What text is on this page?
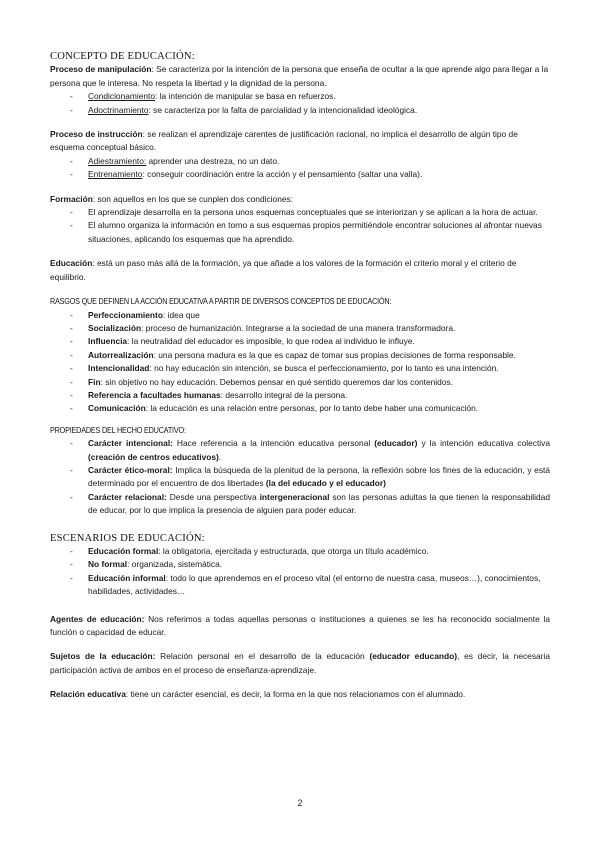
CONCEPTO DE EDUCACIÓN:

Proceso de manipulación: Se caracteriza por la intención de la persona que enseña de ocultar a la que aprende algo para llegar a la persona que le interesa. No respeta la libertad y la dignidad de la persona.

- Condicionamiento: la intención de manipular se basa en refuerzos.
- Adoctrinamiento: se caracteriza por la falta de parcialidad y la intencionalidad ideológica.

Proceso de instrucción: se realizan el aprendizaje carentes de justificación racional, no implica el desarrollo de algún tipo de esquema conceptual básico.

- Adiestramiento: aprender una destreza, no un dato.
- Entrenamiento: conseguir coordinación entre la acción y el pensamiento (saltar una valla).

Formación: son aquellos en los que se cunplen dos condiciones:

- El aprendizaje desarrolla en la persona unos esquemas conceptuales que se interiorizan y se aplican a la hora de actuar.
- El alumno organiza la información en torno a sus esquemas propios permitiéndole encontrar soluciones al afrontar nuevas situaciones, aplicando los esquemas que ha aprendido.

Educación: está un paso más allá de la formación, ya que añade a los valores de la formación el criterio moral y el criterio de equilibrio.

RASGOS QUE DEFINEN LA ACCIÓN EDUCATIVA A PARTIR DE DIVERSOS CONCEPTOS DE EDUCACIÓN:
- Perfeccionamiento: idea que
- Socialización: proceso de humanización. Integrarse a la sociedad de una manera transformadora.
- Influencia: la neutralidad del educador es imposible, lo que rodea al individuo le influye.
- Autorrealización: una persona madura es la que es capaz de tomar sus propias decisiones de forma responsable.
- Intencionalidad: no hay educación sin intención, se busca el perfeccionamiento, por lo tanto es una intención.
- Fin: sin objetivo no hay educación. Debemos pensar en qué sentido queremos dar los contenidos.
- Referencia a facultades humanas: desarrollo integral de la persona.
- Comunicación: la educación es una relación entre personas, por lo tanto debe haber una comunicación.
PROPIEDADES DEL HECHO EDUCATIVO:
- Carácter intencional: Hace referencia a la intención educativa personal (educador) y la intención educativa colectiva (creación de centros educativos).
- Carácter ético-moral: Implica la búsqueda de la plenitud de la persona, la reflexión sobre los fines de la educación, y está determinado por el encuentro de dos libertades (la del educado y el educador)
- Carácter relacional: Desde una perspectiva intergeneracional son las personas adultas la que tienen la responsabilidad de educar, por lo que implica la presencia de alguien para poder educar.
ESCENARIOS DE EDUCACIÓN:
- Educación formal: la obligatoria, ejercitada y estructurada, que otorga un título académico.
- No formal: organizada, sistemática.
- Educación informal: todo lo que aprendemos en el proceso vital (el entorno de nuestra casa, museos…), conocimientos, habilidades, actividades…

Agentes de educación: Nos referimos a todas aquellas personas o instituciones a quienes se les ha reconocido socialmente la función o capacidad de educar.

Sujetos de la educación: Relación personal en el desarrollo de la educación (educador educando), es decir, la necesaria participación activa de ambos en el proceso de enseñanza-aprendizaje.

Relación educativa: tiene un carácter esencial, es decir, la forma en la que nos relacionamos con el alumnado.

2
